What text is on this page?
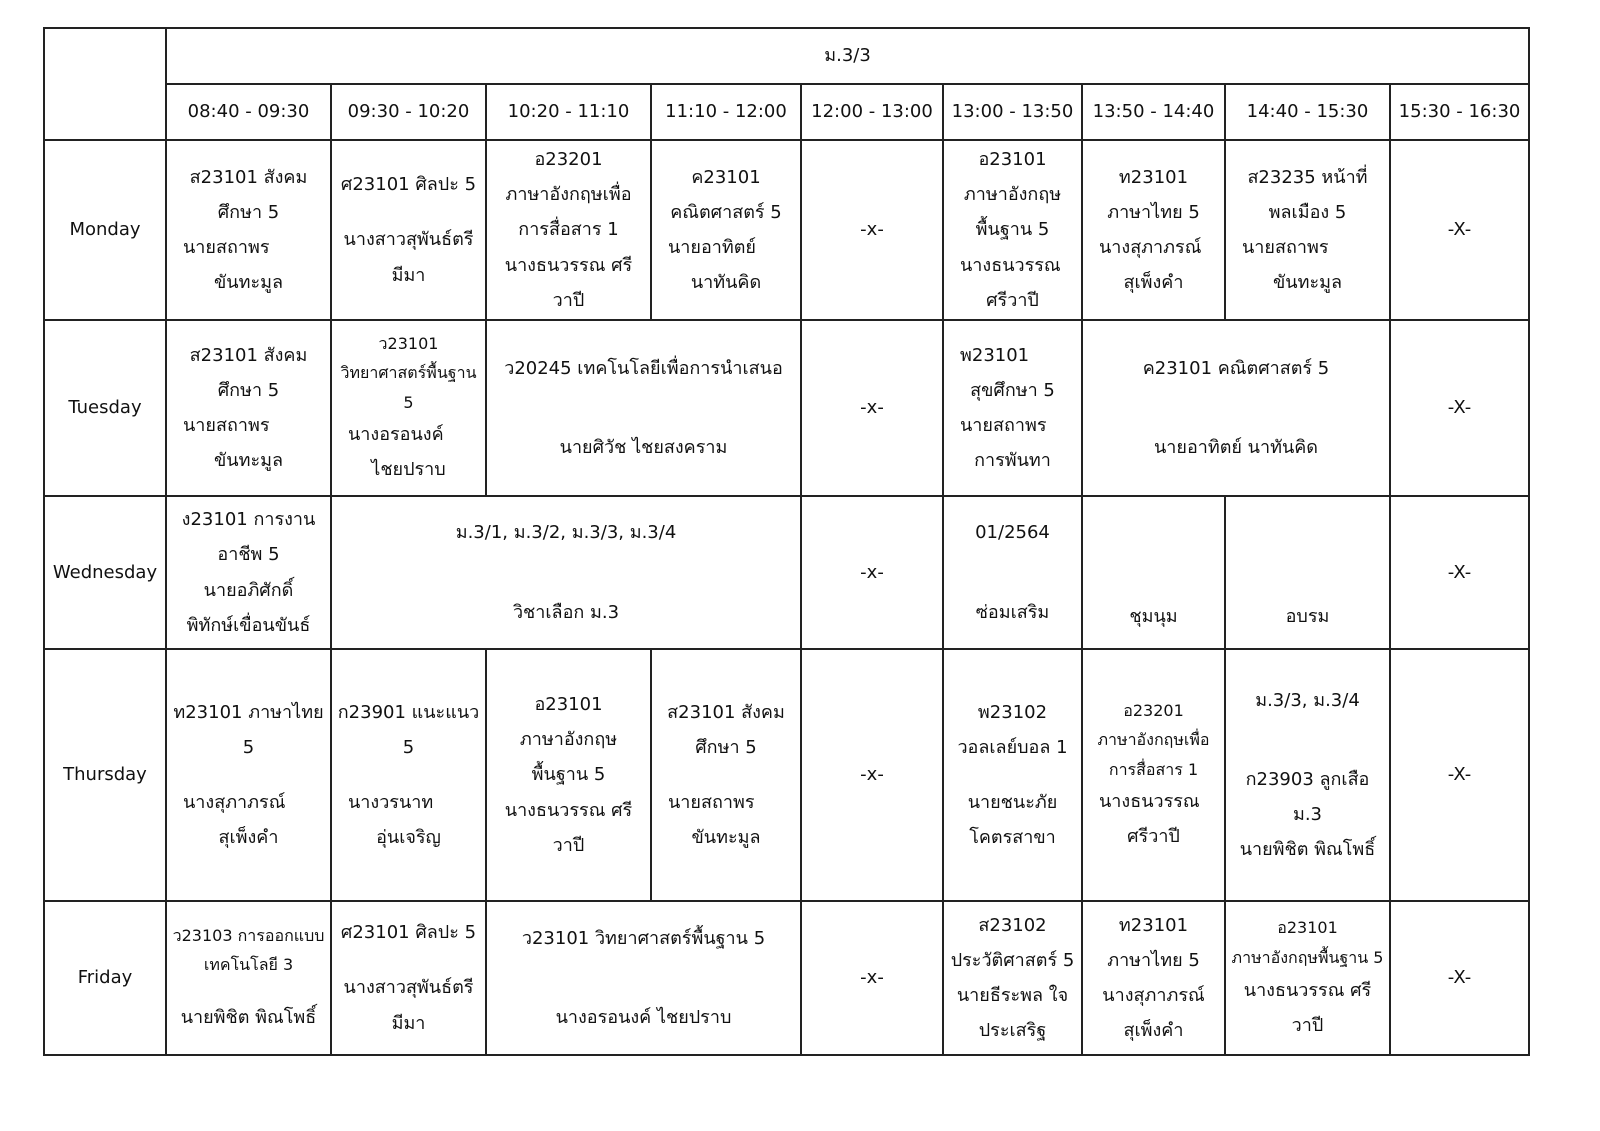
	ม.3/3								
	08:40 - 09:30	09:30 - 10:20	10:20 - 11:10	11:10 - 12:00	12:00 - 13:00	13:00 - 13:50	13:50 - 14:40	14:40 - 15:30	15:30 - 16:30
Monday	ส23101 สังคม
ศึกษา 5
นายสถาพร
ขันทะมูล	ศ23101 ศิลปะ 5
นางสาวสุพันธ์ตรี
มีมา	อ23201
ภาษาอังกฤษเพื่อ
การสื่อสาร 1
นางธนวรรณ ศรี
วาปี	ค23101
คณิตศาสตร์ 5
นายอาทิตย์
นาทันคิด	-x-	อ23101
ภาษาอังกฤษ
พื้นฐาน 5
นางธนวรรณ
ศรีวาปี	ท23101
ภาษาไทย 5
นางสุภาภรณ์
สุเพ็งคำ	ส23235 หน้าที่
พลเมือง 5
นายสถาพร
ขันทะมูล	-X-
Tuesday	ส23101 สังคม
ศึกษา 5
นายสถาพร
ขันทะมูล	ว23101
วิทยาศาสตร์พื้นฐาน
5
นางอรอนงค์
ไชยปราบ	ว20245 เทคโนโลยีเพื่อการนำเสนอ
นายศิวัช ไชยสงคราม		-x-	พ23101
สุขศึกษา 5
นายสถาพร
การพันทา	ค23101 คณิตศาสตร์ 5
นายอาทิตย์ นาทันคิด		-X-
Wednesday	ง23101 การงาน
อาชีพ 5
นายอภิศักดิ์
พิทักษ์เขื่อนขันธ์	ม.3/1, ม.3/2, ม.3/3, ม.3/4
วิชาเลือก ม.3			-x-	01/2564
ซ่อมเสริม	ชุมนุม	อบรม	-X-
Thursday	ท23101 ภาษาไทย
5
นางสุภาภรณ์
สุเพ็งคำ	ก23901 แนะแนว
5
นางวรนาท
อุ่นเจริญ	อ23101
ภาษาอังกฤษ
พื้นฐาน 5
นางธนวรรณ ศรี
วาปี	ส23101 สังคม
ศึกษา 5
นายสถาพร
ขันทะมูล	-x-	พ23102
วอลเลย์บอล 1
นายชนะภัย
โคตรสาขา	อ23201
ภาษาอังกฤษเพื่อ
การสื่อสาร 1
นางธนวรรณ
ศรีวาปี	ม.3/3, ม.3/4
ก23903 ลูกเสือ ม.3
นายพิชิต พิณโพธิ์	-X-
Friday	ว23103 การออกแบบ
เทคโนโลยี 3
นายพิชิต พิณโพธิ์	ศ23101 ศิลปะ 5
นางสาวสุพันธ์ตรี
มีมา	ว23101 วิทยาศาสตร์พื้นฐาน 5
นางอรอนงค์ ไชยปราบ		-x-	ส23102
ประวัติศาสตร์ 5
นายธีระพล ใจ
ประเสริฐ	ท23101
ภาษาไทย 5
นางสุภาภรณ์
สุเพ็งคำ	อ23101
ภาษาอังกฤษพื้นฐาน 5
นางธนวรรณ ศรี
วาปี	-X-
